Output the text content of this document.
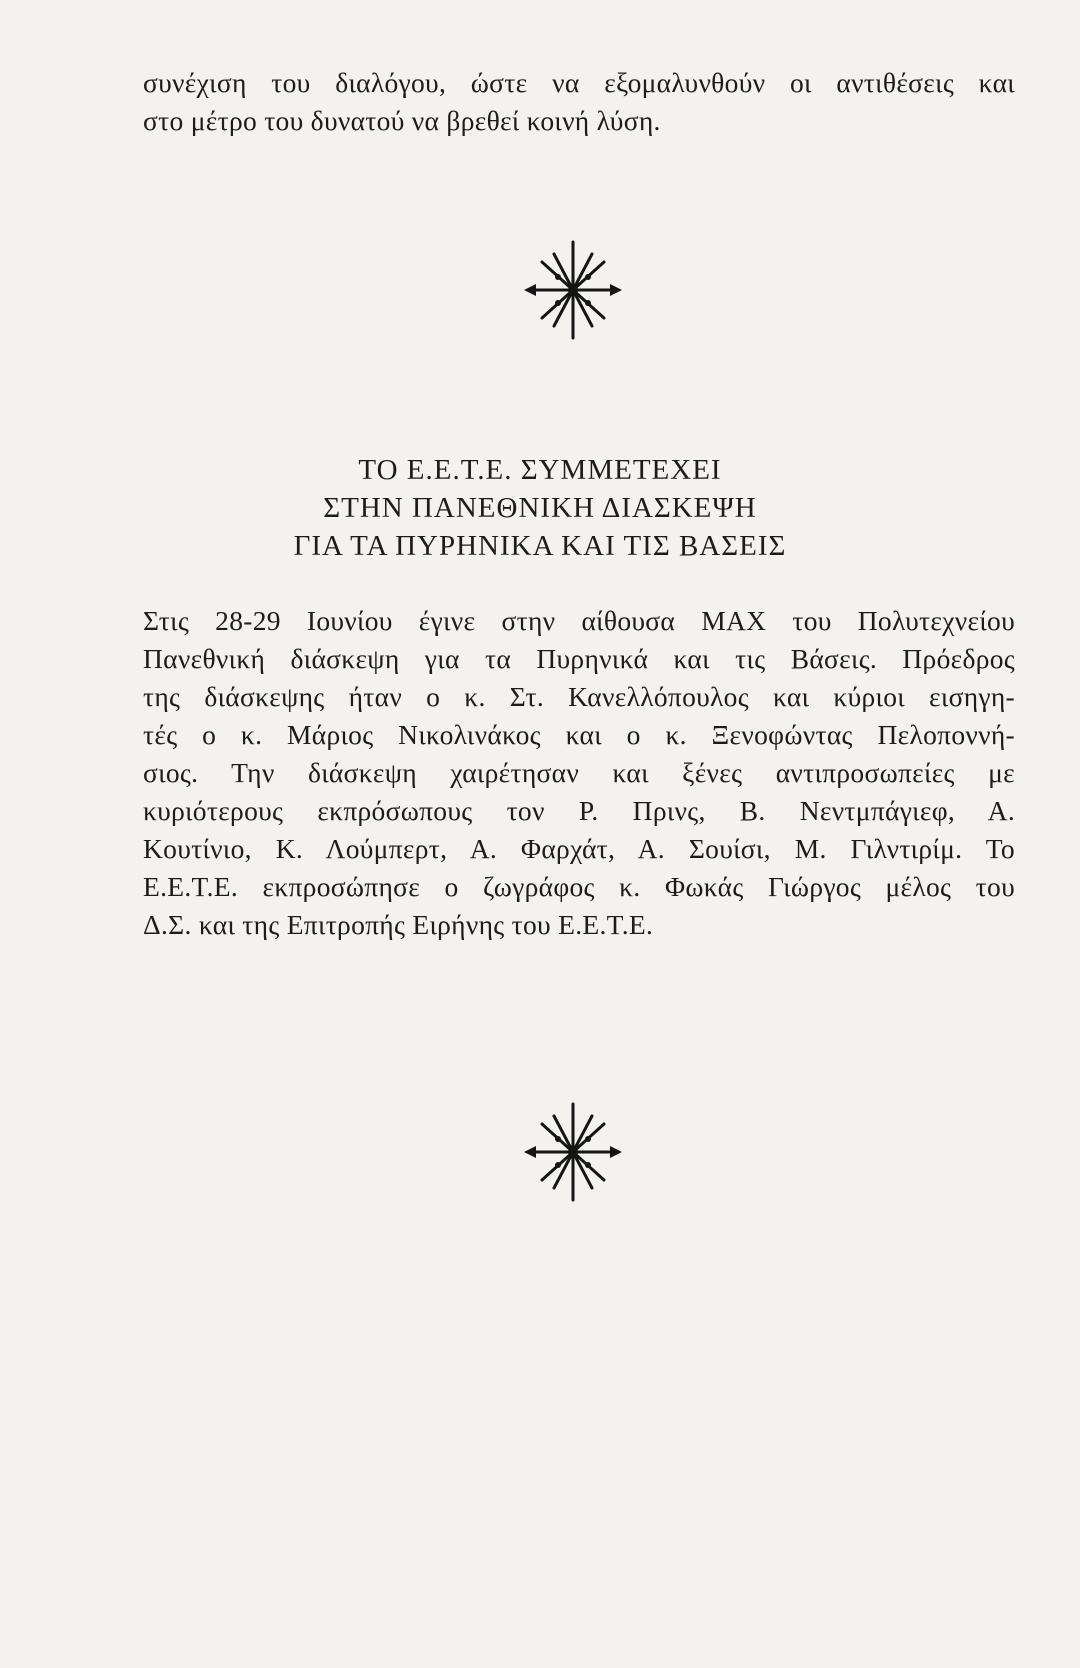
συνέχιση του διαλόγου, ώστε να εξομαλυνθούν οι αντιθέσεις και
στο μέτρο του δυνατού να βρεθεί κοινή λύση.
ΤΟ Ε.Ε.Τ.Ε. ΣΥΜΜΕΤΕΧΕΙ
ΣΤΗΝ ΠΑΝΕΘΝΙΚΗ ΔΙΑΣΚΕΨΗ
ΓΙΑ ΤΑ ΠΥΡΗΝΙΚΑ ΚΑΙ ΤΙΣ ΒΑΣΕΙΣ
Στις 28-29 Ιουνίου έγινε στην αίθουσα ΜΑΧ του Πολυτεχνείου
Πανεθνική διάσκεψη για τα Πυρηνικά και τις Βάσεις. Πρόεδρος
της διάσκεψης ήταν ο κ. Στ. Κανελλόπουλος και κύριοι εισηγη-
τές ο κ. Μάριος Νικολινάκος και ο κ. Ξενοφώντας Πελοποννή-
σιος. Την διάσκεψη χαιρέτησαν και ξένες αντιπροσωπείες με
κυριότερους εκπρόσωπους τον Ρ. Πρινς, Β. Νεντμπάγιεφ, Α.
Κουτίνιο, Κ. Λούμπερτ, Α. Φαρχάτ, Α. Σουίσι, Μ. Γιλντιρίμ. Το
Ε.Ε.Τ.Ε. εκπροσώπησε ο ζωγράφος κ. Φωκάς Γιώργος μέλος του
Δ.Σ. και της Επιτροπής Ειρήνης του Ε.Ε.Τ.Ε.
